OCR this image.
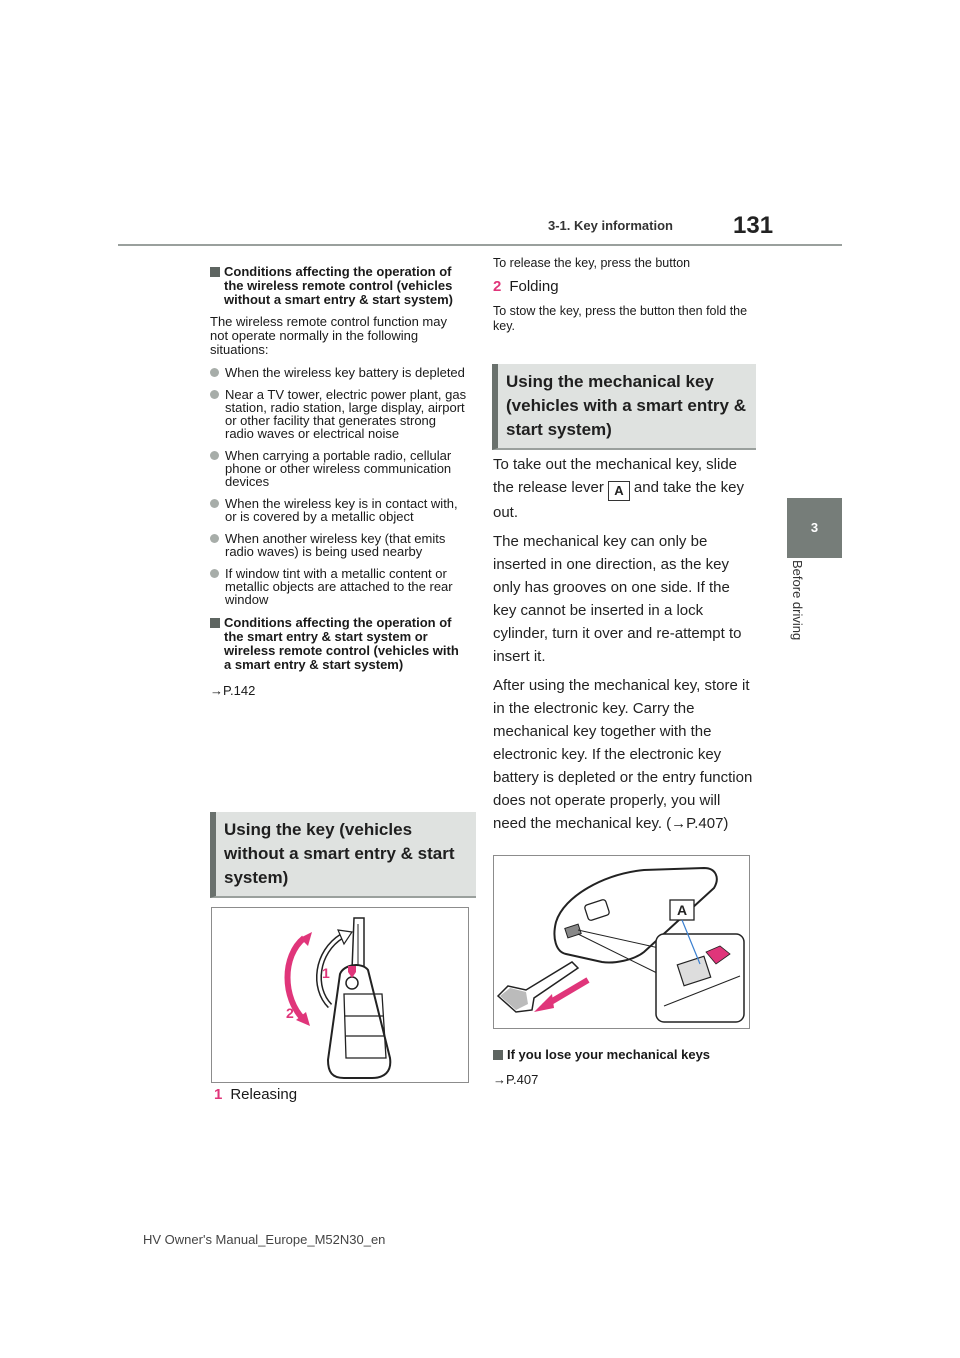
3-1. Key information	131
3
Before driving
Conditions affecting the operation of the wireless remote control (vehicles without a smart entry & start system)
The wireless remote control function may not operate normally in the following situations:
When the wireless key battery is depleted
Near a TV tower, electric power plant, gas station, radio station, large display, airport or other facility that generates strong radio waves or electrical noise
When carrying a portable radio, cellular phone or other wireless communication devices
When the wireless key is in contact with, or is covered by a metallic object
When another wireless key (that emits radio waves) is being used nearby
If window tint with a metallic content or metallic objects are attached to the rear window
Conditions affecting the operation of the smart entry & start system or wireless remote control (vehicles with a smart entry & start system)
→P.142
Using the key (vehicles without a smart entry & start system)
1
2
1 Releasing
To release the key, press the button
2 Folding
To stow the key, press the button then fold the key.
Using the mechanical key (vehicles with a smart entry & start system)
To take out the mechanical key, slide the release lever A and take the key out.
The mechanical key can only be inserted in one direction, as the key only has grooves on one side. If the key cannot be inserted in a lock cylinder, turn it over and re-attempt to insert it.
After using the mechanical key, store it in the electronic key. Carry the mechanical key together with the electronic key. If the electronic key battery is depleted or the entry function does not operate properly, you will need the mechanical key. (→P.407)
A
If you lose your mechanical keys
→P.407
HV Owner's Manual_Europe_M52N30_en
